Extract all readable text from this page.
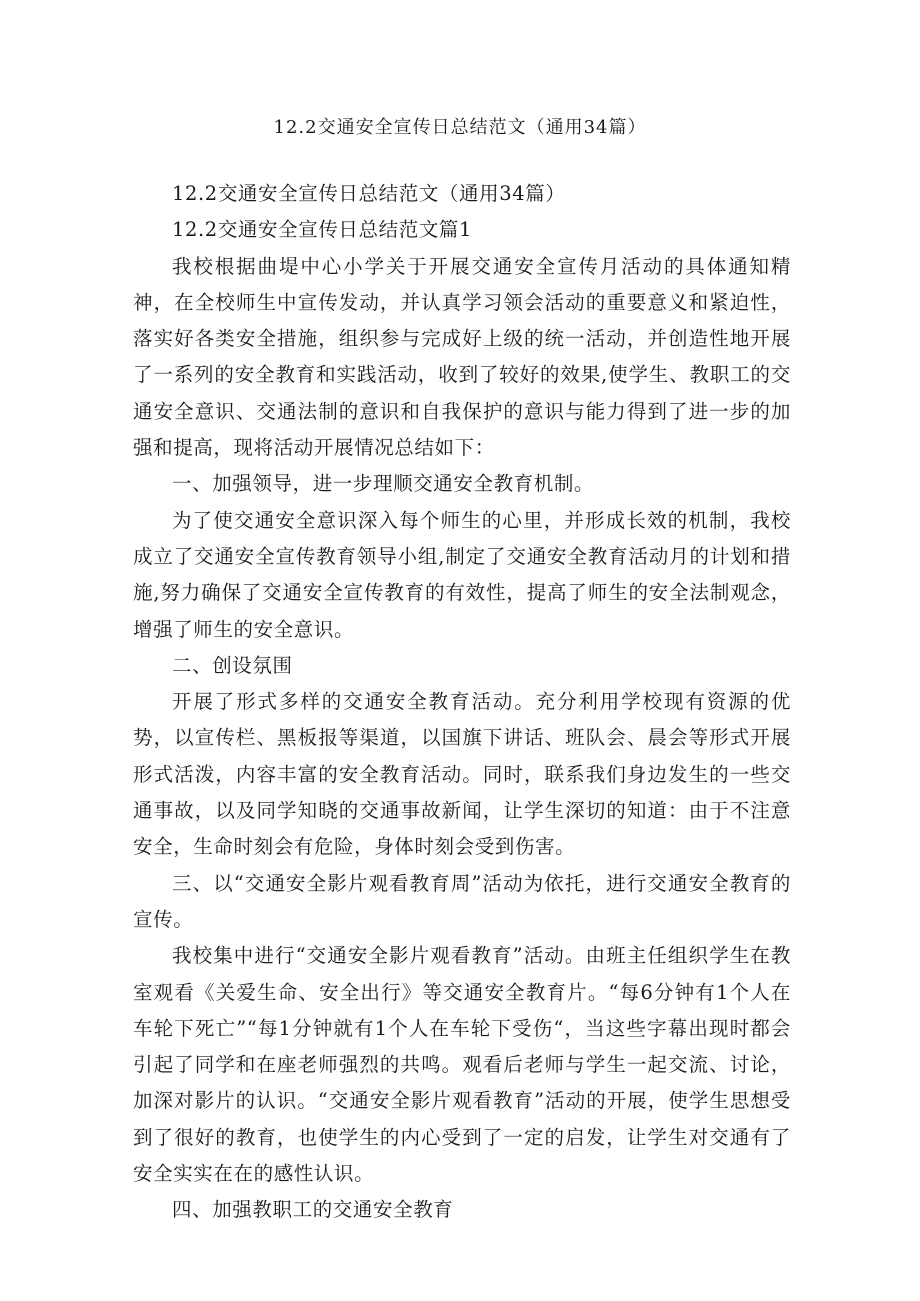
12.2交通安全宣传日总结范文（通用34篇）

12.2交通安全宣传日总结范文（通用34篇）

12.2交通安全宣传日总结范文篇1

我校根据曲堤中心小学关于开展交通安全宣传月活动的具体通知精神，在全校师生中宣传发动，并认真学习领会活动的重要意义和紧迫性，落实好各类安全措施，组织参与完成好上级的统一活动，并创造性地开展了一系列的安全教育和实践活动，收到了较好的效果,使学生、教职工的交通安全意识、交通法制的意识和自我保护的意识与能力得到了进一步的加强和提高，现将活动开展情况总结如下：

一、加强领导，进一步理顺交通安全教育机制。

为了使交通安全意识深入每个师生的心里，并形成长效的机制，我校成立了交通安全宣传教育领导小组,制定了交通安全教育活动月的计划和措施,努力确保了交通安全宣传教育的有效性，提高了师生的安全法制观念，增强了师生的安全意识。

二、创设氛围

开展了形式多样的交通安全教育活动。充分利用学校现有资源的优势，以宣传栏、黑板报等渠道，以国旗下讲话、班队会、晨会等形式开展形式活泼，内容丰富的安全教育活动。同时，联系我们身边发生的一些交通事故，以及同学知晓的交通事故新闻，让学生深切的知道：由于不注意安全，生命时刻会有危险，身体时刻会受到伤害。

三、以“交通安全影片观看教育周”活动为依托，进行交通安全教育的宣传。

我校集中进行“交通安全影片观看教育”活动。由班主任组织学生在教室观看《关爱生命、安全出行》等交通安全教育片。“每6分钟有1个人在车轮下死亡”“每1分钟就有1个人在车轮下受伤“，当这些字幕出现时都会引起了同学和在座老师强烈的共鸣。观看后老师与学生一起交流、讨论，加深对影片的认识。“交通安全影片观看教育”活动的开展，使学生思想受到了很好的教育，也使学生的内心受到了一定的启发，让学生对交通有了安全实实在在的感性认识。

四、加强教职工的交通安全教育
